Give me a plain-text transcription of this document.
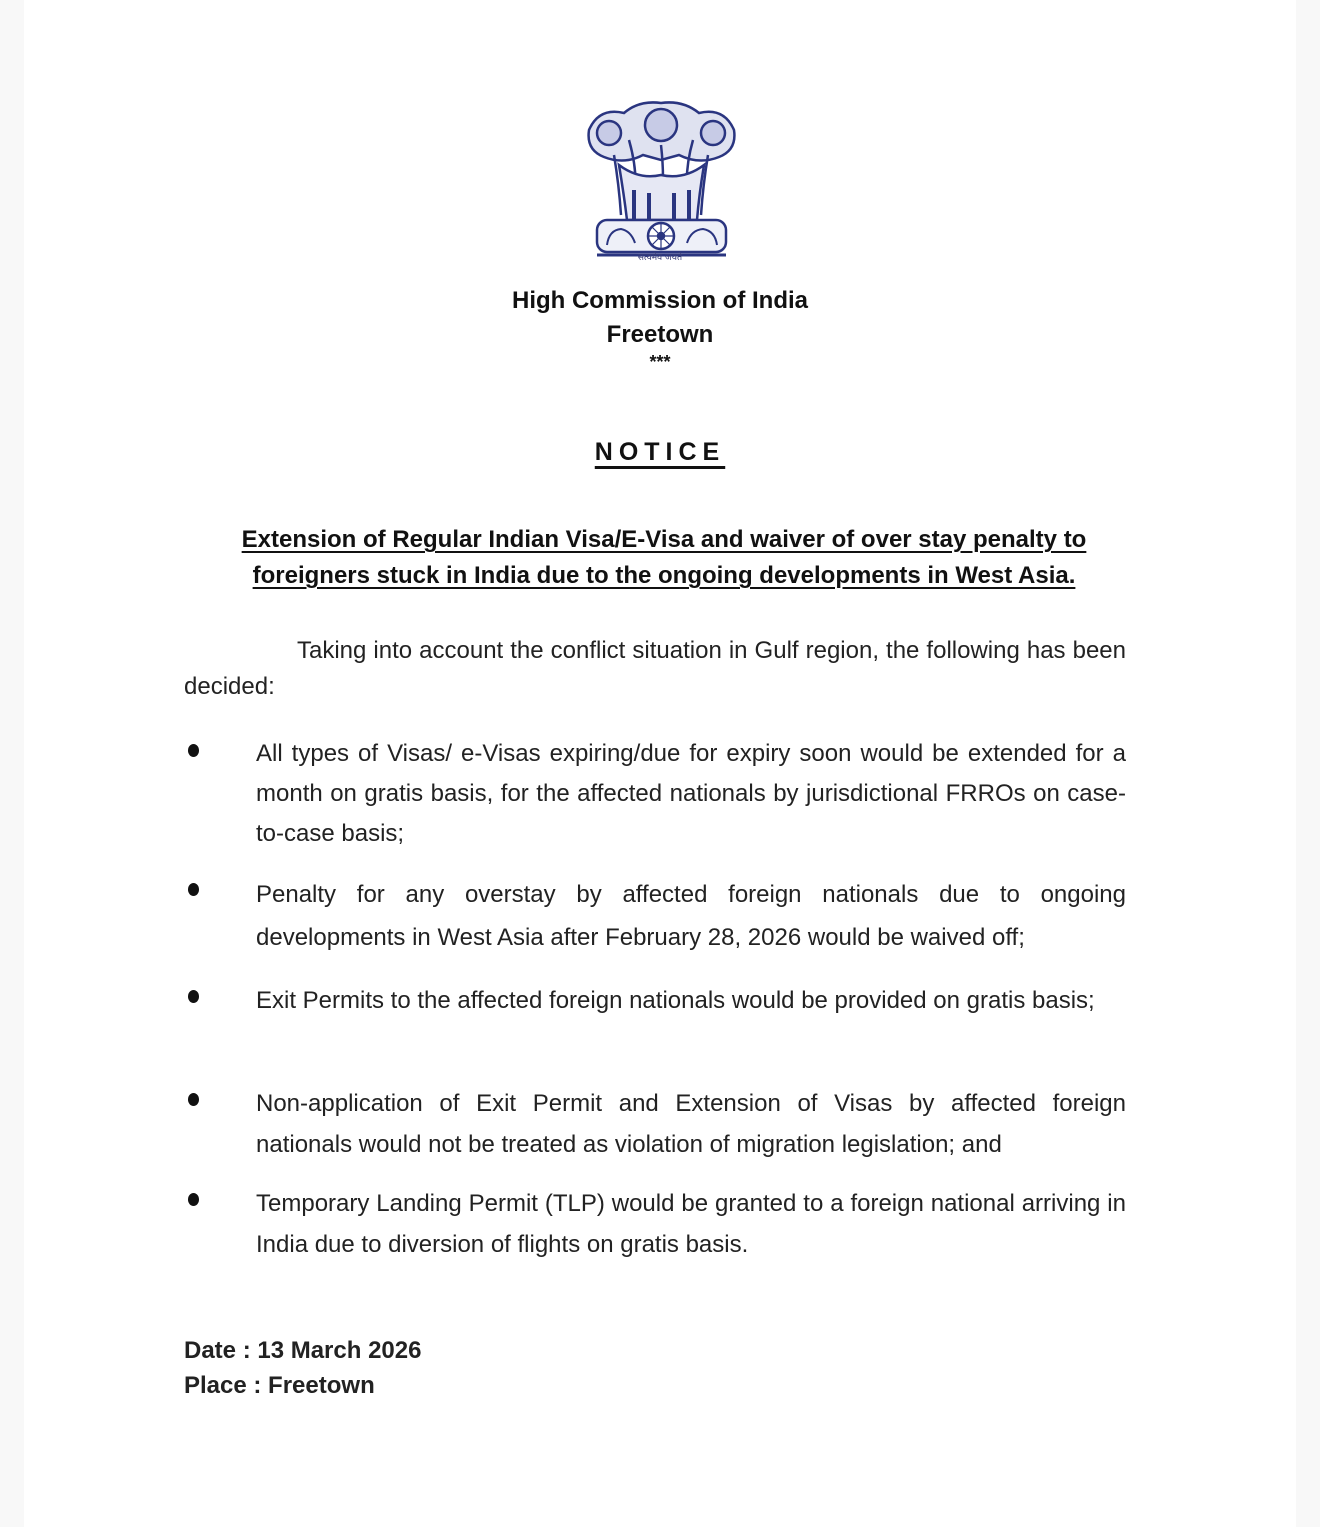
सत्यमेव जयते
High Commission of India
Freetown
***
NOTICE
Extension of Regular Indian Visa/E-Visa and waiver of over stay penalty to
foreigners stuck in India due to the ongoing developments in West Asia.
Taking into account the conflict situation in Gulf region, the following has been decided:
All types of Visas/ e-Visas expiring/due for expiry soon would be extended for a month on gratis basis, for the affected nationals by jurisdictional FRROs on case-to-case basis;
Penalty for any overstay by affected foreign nationals due to ongoing developments in West Asia after February 28, 2026 would be waived off;
Exit Permits to the affected foreign nationals would be provided on gratis basis;
Non-application of Exit Permit and Extension of Visas by affected foreign nationals would not be treated as violation of migration legislation; and
Temporary Landing Permit (TLP) would be granted to a foreign national arriving in India due to diversion of flights on gratis basis.
Date : 13 March 2026
Place : Freetown
